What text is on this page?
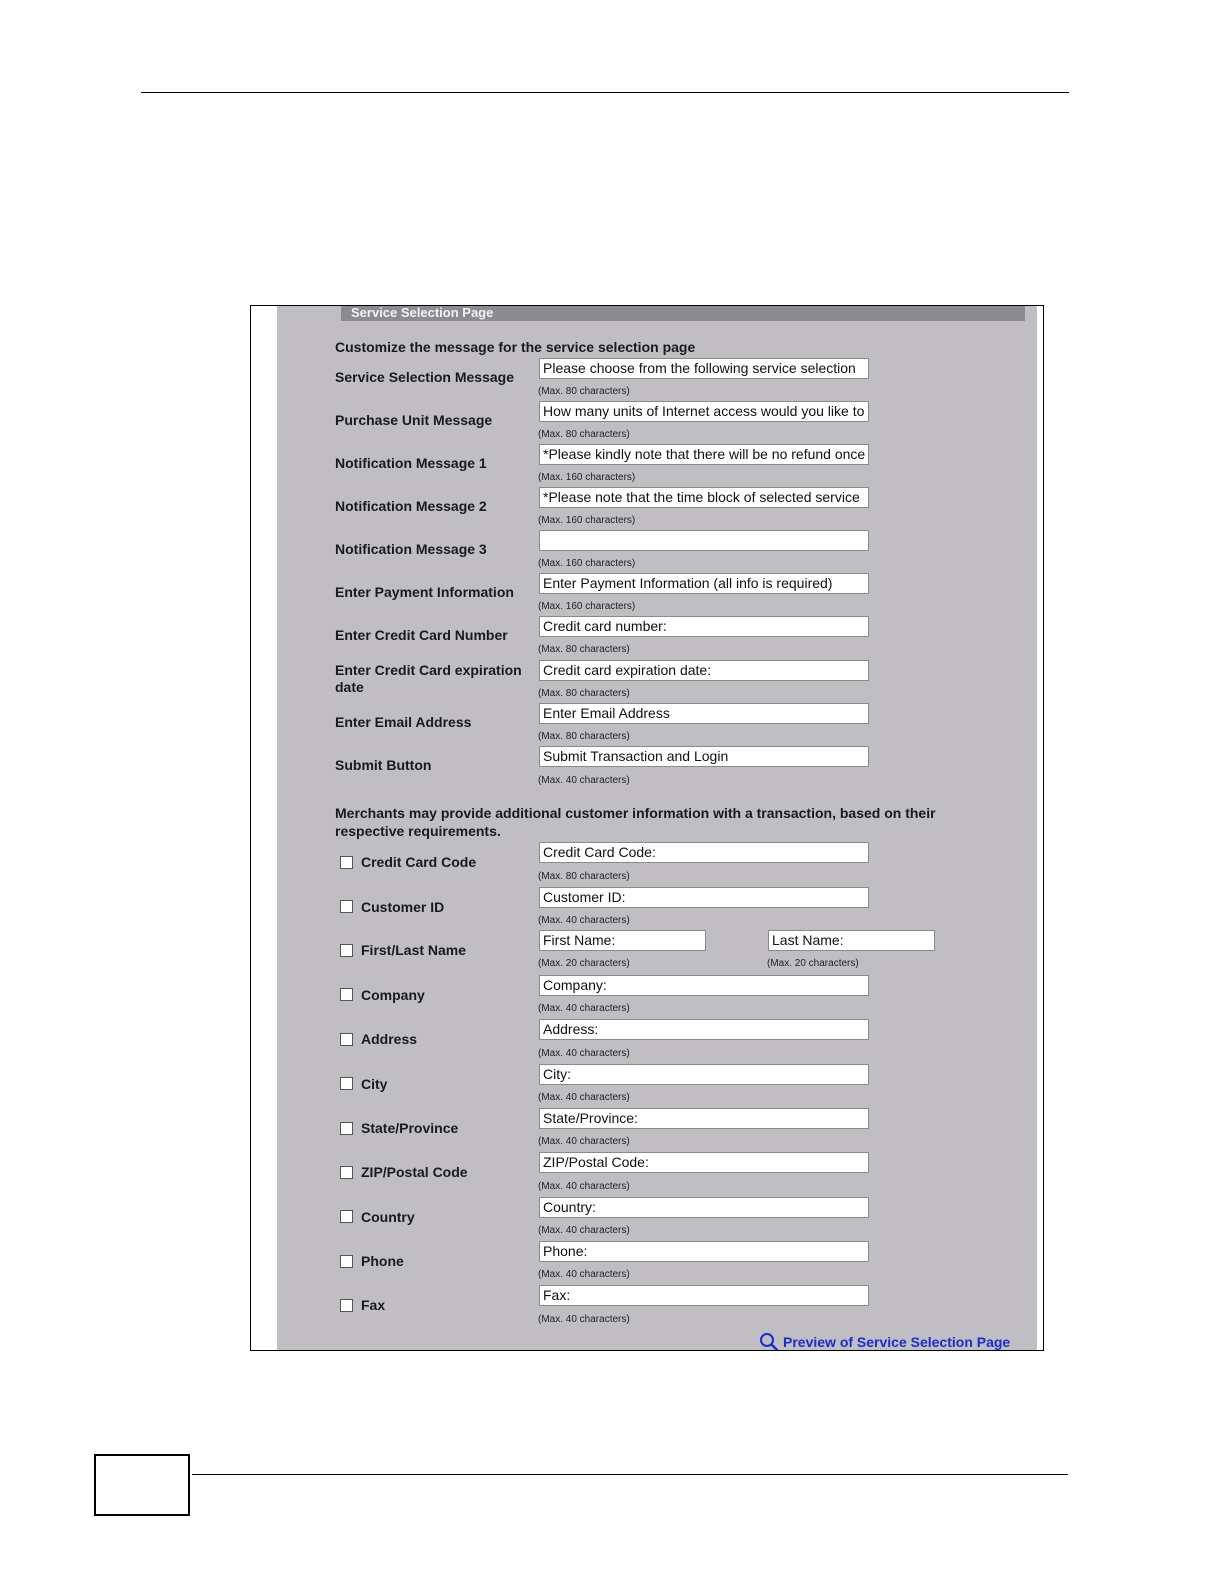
Service Selection Page
Customize the message for the service selection page
Service Selection Message
Please choose from the following service selection
(Max. 80 characters)
Purchase Unit Message
How many units of Internet access would you like to
(Max. 80 characters)
Notification Message 1
*Please kindly note that there will be no refund once
(Max. 160 characters)
Notification Message 2
*Please note that the time block of selected service
(Max. 160 characters)
Notification Message 3
(Max. 160 characters)
Enter Payment Information
Enter Payment Information (all info is required)
(Max. 160 characters)
Enter Credit Card Number
Credit card number:
(Max. 80 characters)
Enter Credit Card expiration
date
Credit card expiration date:
(Max. 80 characters)
Enter Email Address
Enter Email Address
(Max. 80 characters)
Submit Button
Submit Transaction and Login
(Max. 40 characters)
Merchants may provide additional customer information with a transaction, based on their
respective requirements.
Credit Card Code
Credit Card Code:
(Max. 80 characters)
Customer ID
Customer ID:
(Max. 40 characters)
First/Last Name
First Name:
(Max. 20 characters)
Last Name:
(Max. 20 characters)
Company
Company:
(Max. 40 characters)
Address
Address:
(Max. 40 characters)
City
City:
(Max. 40 characters)
State/Province
State/Province:
(Max. 40 characters)
ZIP/Postal Code
ZIP/Postal Code:
(Max. 40 characters)
Country
Country:
(Max. 40 characters)
Phone
Phone:
(Max. 40 characters)
Fax
Fax:
(Max. 40 characters)
Preview of Service Selection Page
